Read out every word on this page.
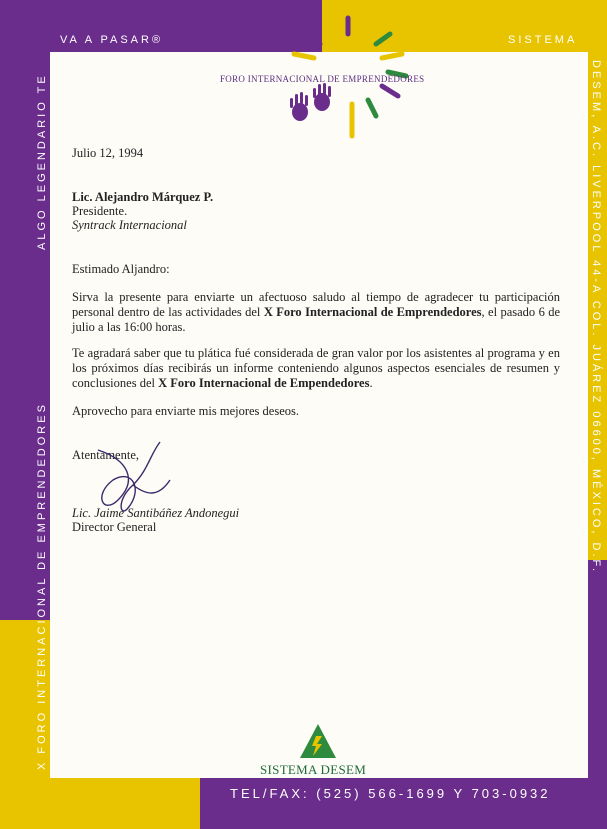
VA A PASAR®	SISTEMA
ALGO LEGENDARIO TE
X FORO INTERNACIONAL DE EMPRENDEDORES
DESEM, A.C. LIVERPOOL 44-A COL. JUÁREZ 06600, MÉXICO, D.F.
TEL/FAX: (525) 566-1699 Y 703-0932
FORO INTERNACIONAL DE EMPRENDEDORES
Julio 12, 1994
Lic. Alejandro Márquez P.
Presidente.
Syntrack Internacional
Estimado Aljandro:
Sirva la presente para enviarte un afectuoso saludo al tiempo de agradecer tu participación personal dentro de las actividades del X Foro Internacional de Emprendedores, el pasado 6 de julio a las 16:00 horas.
Te agradará saber que tu plática fué considerada de gran valor por los asistentes al programa y en los próximos días recibirás un informe conteniendo algunos aspectos esenciales de resumen y conclusiones del X Foro Internacional de Empendedores.
Aprovecho para enviarte mis mejores deseos.
Atentamente,
Lic. Jaime Santibáñez Andonegui
Director General
SISTEMA DESEM
